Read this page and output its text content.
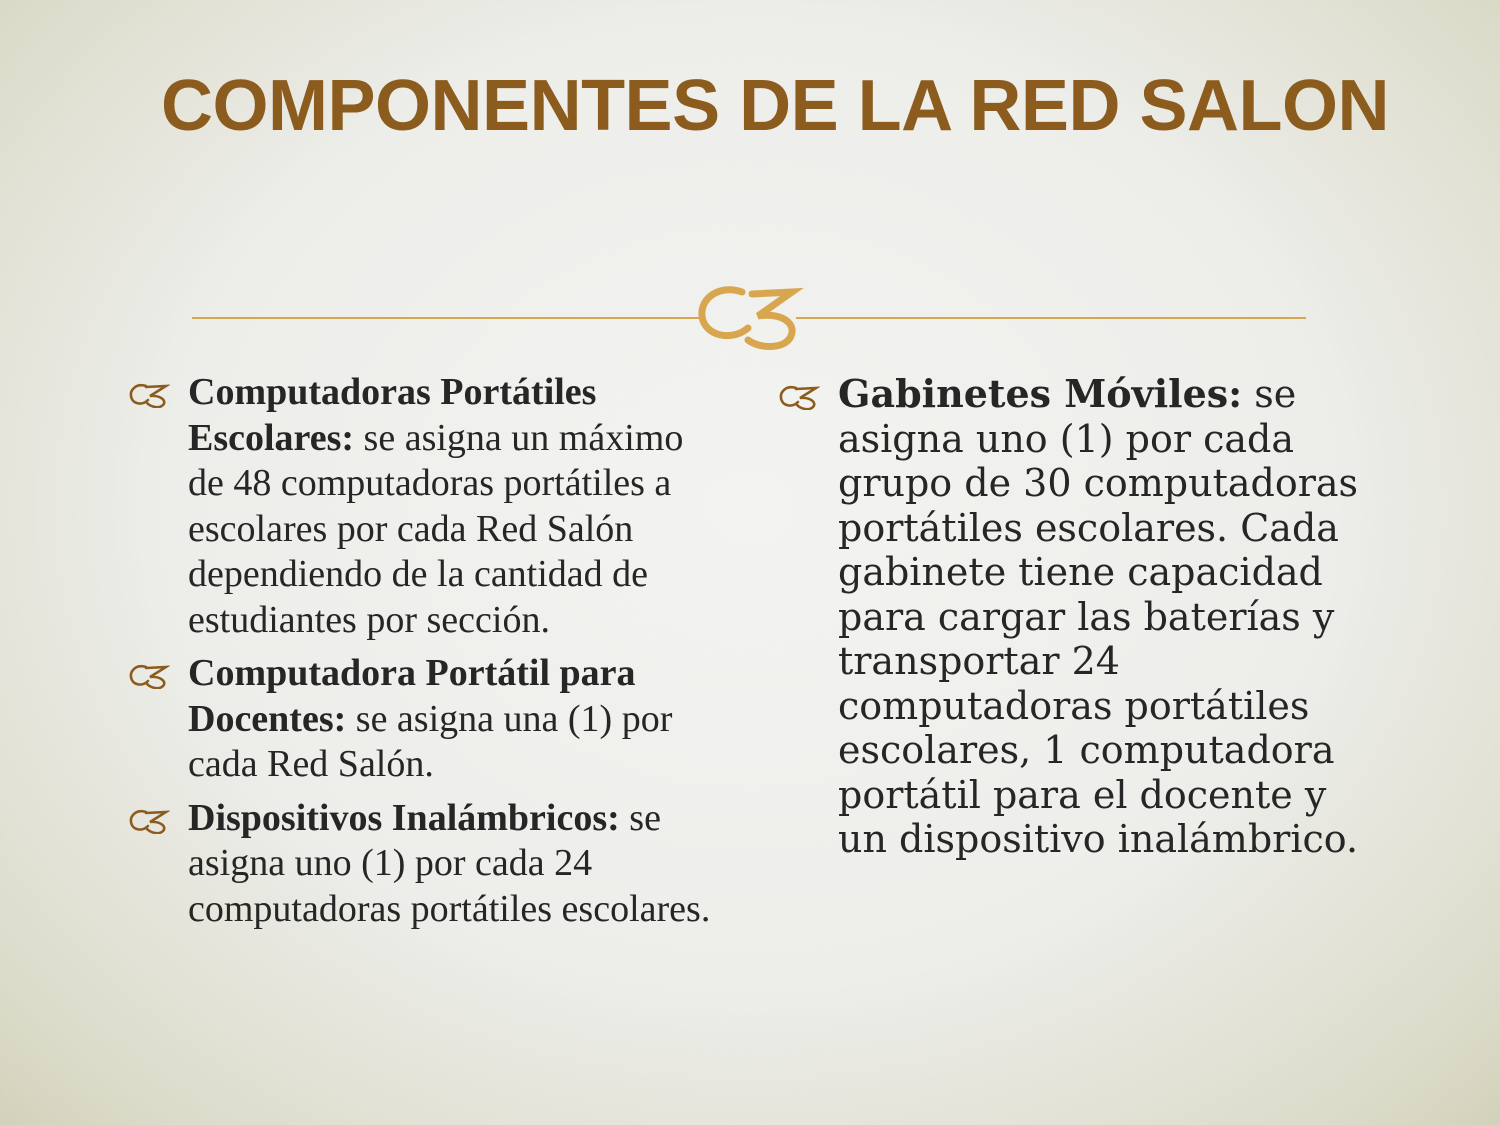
COMPONENTES DE LA RED SALON
Computadoras Portátiles Escolares: se asigna un máximo de 48 computadoras portátiles a escolares por cada Red Salón dependiendo de la cantidad de estudiantes por sección.
Computadora Portátil para Docentes: se asigna una (1) por cada Red Salón.
Dispositivos Inalámbricos: se asigna uno (1) por cada 24 computadoras portátiles escolares.
Gabinetes Móviles: se asigna uno (1) por cada grupo de 30 computadoras portátiles escolares. Cada gabinete tiene capacidad para cargar las baterías y transportar 24 computadoras portátiles escolares, 1 computadora portátil para el docente y un dispositivo inalámbrico.
